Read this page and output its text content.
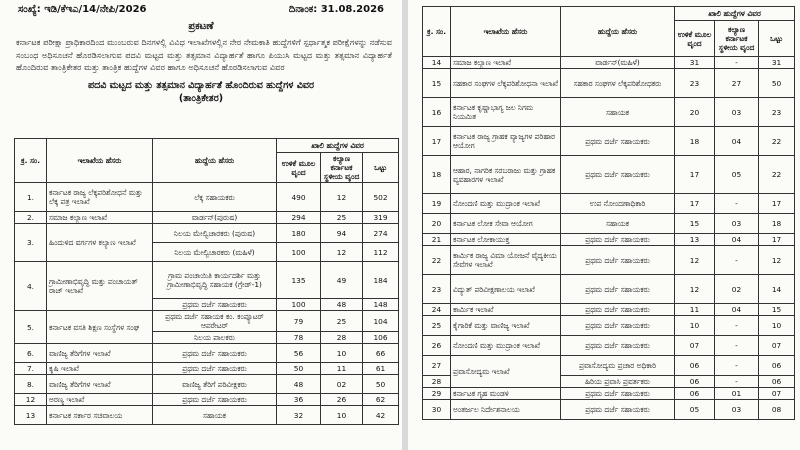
ಸಂಖ್ಯೆ: ಇಡಿ/ಕೆಇಎ/14/ನೇಪಿ/2026	ದಿನಾಂಕ: 31.08.2026
ಪ್ರಕಟಣೆ

ಕರ್ನಾಟಕ ಪರೀಕ್ಷಾ ಪ್ರಾಧಿಕಾರದಿಂದ ಮುಂಬರುವ ದಿನಗಳಲ್ಲಿ ವಿವಿಧ ಇಲಾಖೆಗಳಲ್ಲಿನ ನೇರ ನೇಮಕಾತಿ ಹುದ್ದೆಗಳಿಗೆ ಸ್ಪರ್ಧಾತ್ಮಕ ಪರೀಕ್ಷೆಗಳನ್ನು ನಡೆಸುವ ಸಂಬಂಧ ಅಧಿಸೂಚನೆ ಹೊರಡಿಸಲಾಗುವ ಪದವಿ ಮಟ್ಟದ ಮತ್ತು ತತ್ಸಮಾನ ವಿದ್ಯಾರ್ಹತೆ ಹಾಗೂ ಪಿಯುಸಿ ಮಟ್ಟದ ಮತ್ತು ತತ್ಸಮಾನ ವಿದ್ಯಾರ್ಹತೆ ಹೊಂದಿರುವ ತಾಂತ್ರಿಕೇತರ ಮತ್ತು ತಾಂತ್ರಿಕ ಹುದ್ದೆಗಳ ವಿವರ ಹಾಗೂ ಅಧಿಸೂಚನೆ ಹೊರಡಿಸಲಾಗುವ ವಿವರ

ಪದವಿ ಮಟ್ಟದ ಮತ್ತು ತತ್ಸಮಾನ ವಿದ್ಯಾರ್ಹತೆ ಹೊಂದಿರುವ ಹುದ್ದೆಗಳ ವಿವರ
(ತಾಂತ್ರಿಕೇತರ)
ಕ್ರ. ಸಂ.	ಇಲಾಖೆಯ ಹೆಸರು	ಹುದ್ದೆಯ ಹೆಸರು	ಖಾಲಿ ಹುದ್ದೆಗಳ ವಿವರ		
			ಉಳಿಕೆ ಮೂಲ ವೃಂದ	ಕಲ್ಯಾಣ ಕರ್ನಾಟಕ ಸ್ಥಳೀಯ ವೃಂದ	ಒಟ್ಟು
1.	ಕರ್ನಾಟಕ ರಾಜ್ಯ ಲೆಕ್ಕಪರಿಶೋಧನೆ ಮತ್ತು ಲೆಕ್ಕ ಪತ್ರ ಇಲಾಖೆ	ಲೆಕ್ಕ ಸಹಾಯಕರು	490	12	502
2.	ಸಮಾಜ ಕಲ್ಯಾಣ ಇಲಾಖೆ	ವಾರ್ಡನ್(ಪುರುಷ)	294	25	319
3.	ಹಿಂದುಳಿದ ವರ್ಗಗಳ ಕಲ್ಯಾಣ ಇಲಾಖೆ	ನಿಲಯ ಮೇಲ್ವಿಚಾರಕರು (ಪುರುಷ)	180	94	274
		ನಿಲಯ ಮೇಲ್ವಿಚಾರಕರು (ಮಹಿಳೆ)	100	12	112
4.	ಗ್ರಾಮೀಣಾಭಿವೃದ್ಧಿ ಮತ್ತು ಪಂಚಾಯತ್ ರಾಜ್ ಇಲಾಖೆ	ಗ್ರಾಮ ಪಂಚಾಯಿತಿ ಕಾರ್ಯದರ್ಶಿ ಮತ್ತು ಗ್ರಾಮೀಣಾಭಿವೃದ್ಧಿ ಸಹಾಯಕ (ಗ್ರೇಡ್-1)	135	49	184
		ಪ್ರಥಮ ದರ್ಜೆ ಸಹಾಯಕರು	100	48	148
5.	ಕರ್ನಾಟಕ ವಸತಿ ಶಿಕ್ಷಣ ಸಂಸ್ಥೆಗಳ ಸಂಘ	ಪ್ರಥಮ ದರ್ಜೆ ಸಹಾಯಕ ಕಂ. ಕಂಪ್ಯೂಟರ್ ಆಪರೇಟರ್	79	25	104
		ನಿಲಯ ಪಾಲಕರು	78	28	106
6.	ವಾಣಿಜ್ಯ ತೆರಿಗೆಗಳ ಇಲಾಖೆ	ಪ್ರಥಮ ದರ್ಜೆ ಸಹಾಯಕರು	56	10	66
7.	ಕೃಷಿ ಇಲಾಖೆ	ಪ್ರಥಮ ದರ್ಜೆ ಸಹಾಯಕರು	50	11	61
8.	ವಾಣಿಜ್ಯ ತೆರಿಗೆಗಳ ಇಲಾಖೆ	ವಾಣಿಜ್ಯ ತೆರಿಗೆ ಪರಿವೀಕ್ಷಕರು	48	02	50
12	ಅರಣ್ಯ ಇಲಾಖೆ	ಪ್ರಥಮ ದರ್ಜೆ ಸಹಾಯಕರು	36	26	62
13	ಕರ್ನಾಟಕ ಸರ್ಕಾರ ಸಚಿವಾಲಯ	ಸಹಾಯಕ	32	10	42
ಕ್ರ. ಸಂ.	ಇಲಾಖೆಯ ಹೆಸರು	ಹುದ್ದೆಯ ಹೆಸರು	ಖಾಲಿ ಹುದ್ದೆಗಳ ವಿವರ		
			ಉಳಿಕೆ ಮೂಲ ವೃಂದ	ಕಲ್ಯಾಣ ಕರ್ನಾಟಕ ಸ್ಥಳೀಯ ವೃಂದ	ಒಟ್ಟು
14	ಸಮಾಜ ಕಲ್ಯಾಣ ಇಲಾಖೆ	ವಾರ್ಡನ್(ಮಹಿಳೆ)	31	-	31
15	ಸಹಕಾರ ಸಂಘಗಳ ಲೆಕ್ಕಪರಿಶೋಧನಾ ಇಲಾಖೆ	ಸಹಕಾರ ಸಂಘಗಳ ಲೆಕ್ಕಪರಿಶೋಧಕರು	23	27	50
16	ಕರ್ನಾಟಕ ಕೃಷ್ಣಾಭಾಗ್ಯ ಜಲ ನಿಗಮ ನಿಯಮಿತ	ಸಹಾಯಕ	20	03	23
17	ಕರ್ನಾಟಕ ರಾಜ್ಯ ಗ್ರಾಹಕ ವ್ಯಾಜ್ಯಗಳ ಪರಿಹಾರ ಆಯೋಗ	ಪ್ರಥಮ ದರ್ಜೆ ಸಹಾಯಕರು	18	04	22
18	ಆಹಾರ, ನಾಗರಿಕ ಸರಬರಾಜು ಮತ್ತು ಗ್ರಾಹಕ ವ್ಯವಹಾರಗಳ ಇಲಾಖೆ	ಪ್ರಥಮ ದರ್ಜೆ ಸಹಾಯಕರು	17	05	22
19	ನೋಂದಣಿ ಮತ್ತು ಮುದ್ರಾಂಕ ಇಲಾಖೆ	ಉಪ ನೋಂದಣಾಧಿಕಾರಿ	17	-	17
20	ಕರ್ನಾಟಕ ಲೋಕ ಸೇವಾ ಆಯೋಗ	ಸಹಾಯಕ	15	03	18
21	ಕರ್ನಾಟಕ ಲೋಕಾಯುಕ್ತ	ಪ್ರಥಮ ದರ್ಜೆ ಸಹಾಯಕರು	13	04	17
22	ಕಾರ್ಮಿಕ ರಾಜ್ಯ ವಿಮಾ ಯೋಜನೆ ವೈದ್ಯಕೀಯ ಸೇವೆಗಳ ಇಲಾಖೆ	ಪ್ರಥಮ ದರ್ಜೆ ಸಹಾಯಕರು	12	-	12
23	ವಿದ್ಯುತ್ ಪರಿವೀಕ್ಷಣಾಲಯ ಇಲಾಖೆ	ಪ್ರಥಮ ದರ್ಜೆ ಸಹಾಯಕರು	12	02	14
24	ಕಾರ್ಮಿಕ ಇಲಾಖೆ	ಪ್ರಥಮ ದರ್ಜೆ ಸಹಾಯಕರು	11	04	15
25	ಕೈಗಾರಿಕೆ ಮತ್ತು ವಾಣಿಜ್ಯ ಇಲಾಖೆ	ಪ್ರಥಮ ದರ್ಜೆ ಸಹಾಯಕರು	10	-	10
26	ನೋಂದಣಿ ಮತ್ತು ಮುದ್ರಾಂಕ ಇಲಾಖೆ	ಪ್ರಥಮ ದರ್ಜೆ ಸಹಾಯಕರು	07	-	07
27	ಪ್ರವಾಸೋದ್ಯಮ ಇಲಾಖೆ	ಪ್ರವಾಸೋದ್ಯಮ ಪ್ರಚಾರ ಅಧಿಕಾರಿ	06	-	06
28		ಹಿರಿಯ ಪ್ರವಾಸಿ ಪ್ರವರ್ತಕರು	06	-	06
29	ಕರ್ನಾಟಕ ಗೃಹ ಮಂಡಳಿ	ಪ್ರಥಮ ದರ್ಜೆ ಸಹಾಯಕರು	06	01	07
30	ಅಂತರ್ಜಲ ನಿರ್ದೇಶನಾಲಯ	ಪ್ರಥಮ ದರ್ಜೆ ಸಹಾಯಕರು	05	03	08
